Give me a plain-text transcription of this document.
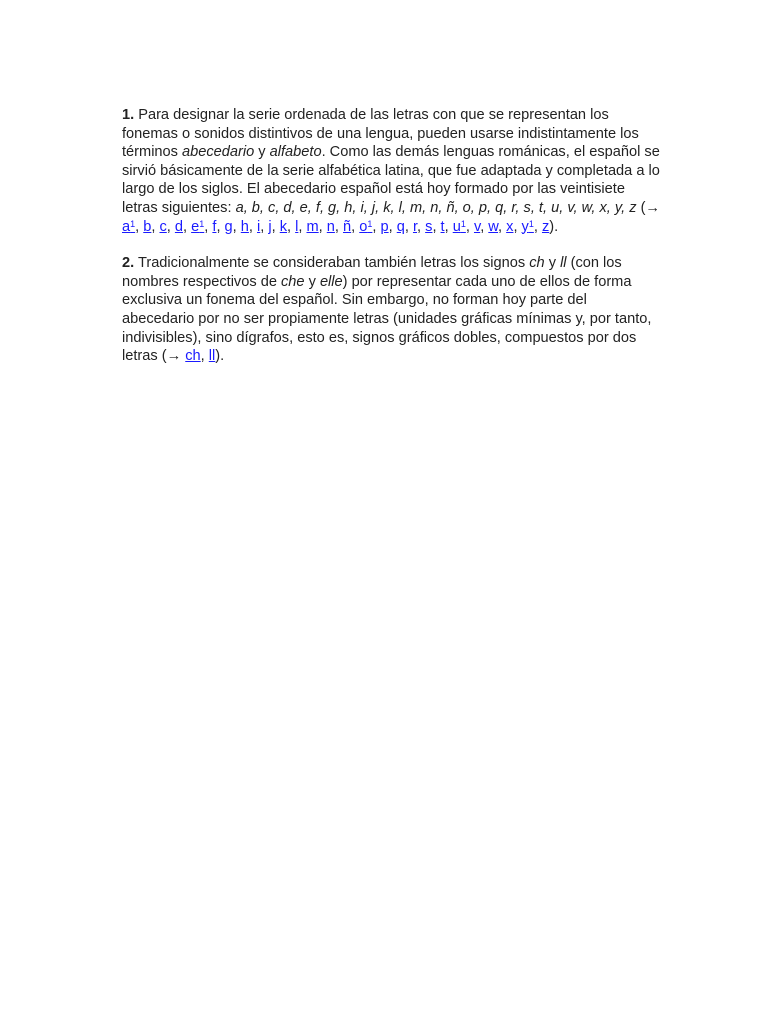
1. Para designar la serie ordenada de las letras con que se representan los fonemas o sonidos distintivos de una lengua, pueden usarse indistintamente los términos abecedario y alfabeto. Como las demás lenguas románicas, el español se sirvió básicamente de la serie alfabética latina, que fue adaptada y completada a lo largo de los siglos. El abecedario español está hoy formado por las veintisiete letras siguientes: a, b, c, d, e, f, g, h, i, j, k, l, m, n, ñ, o, p, q, r, s, t, u, v, w, x, y, z (→ $a^1$, b, c, d, $e^1$, f, g, h, i, j, k, l, m, n, ñ, $o^1$, p, q, r, s, t, $u^1$, v, w, x, $y^1$, z).

2. Tradicionalmente se consideraban también letras los signos ch y ll (con los nombres respectivos de che y elle) por representar cada uno de ellos de forma exclusiva un fonema del español. Sin embargo, no forman hoy parte del abecedario por no ser propiamente letras (unidades gráficas mínimas y, por tanto, indivisibles), sino dígrafos, esto es, signos gráficos dobles, compuestos por dos letras (→ ch, ll).
